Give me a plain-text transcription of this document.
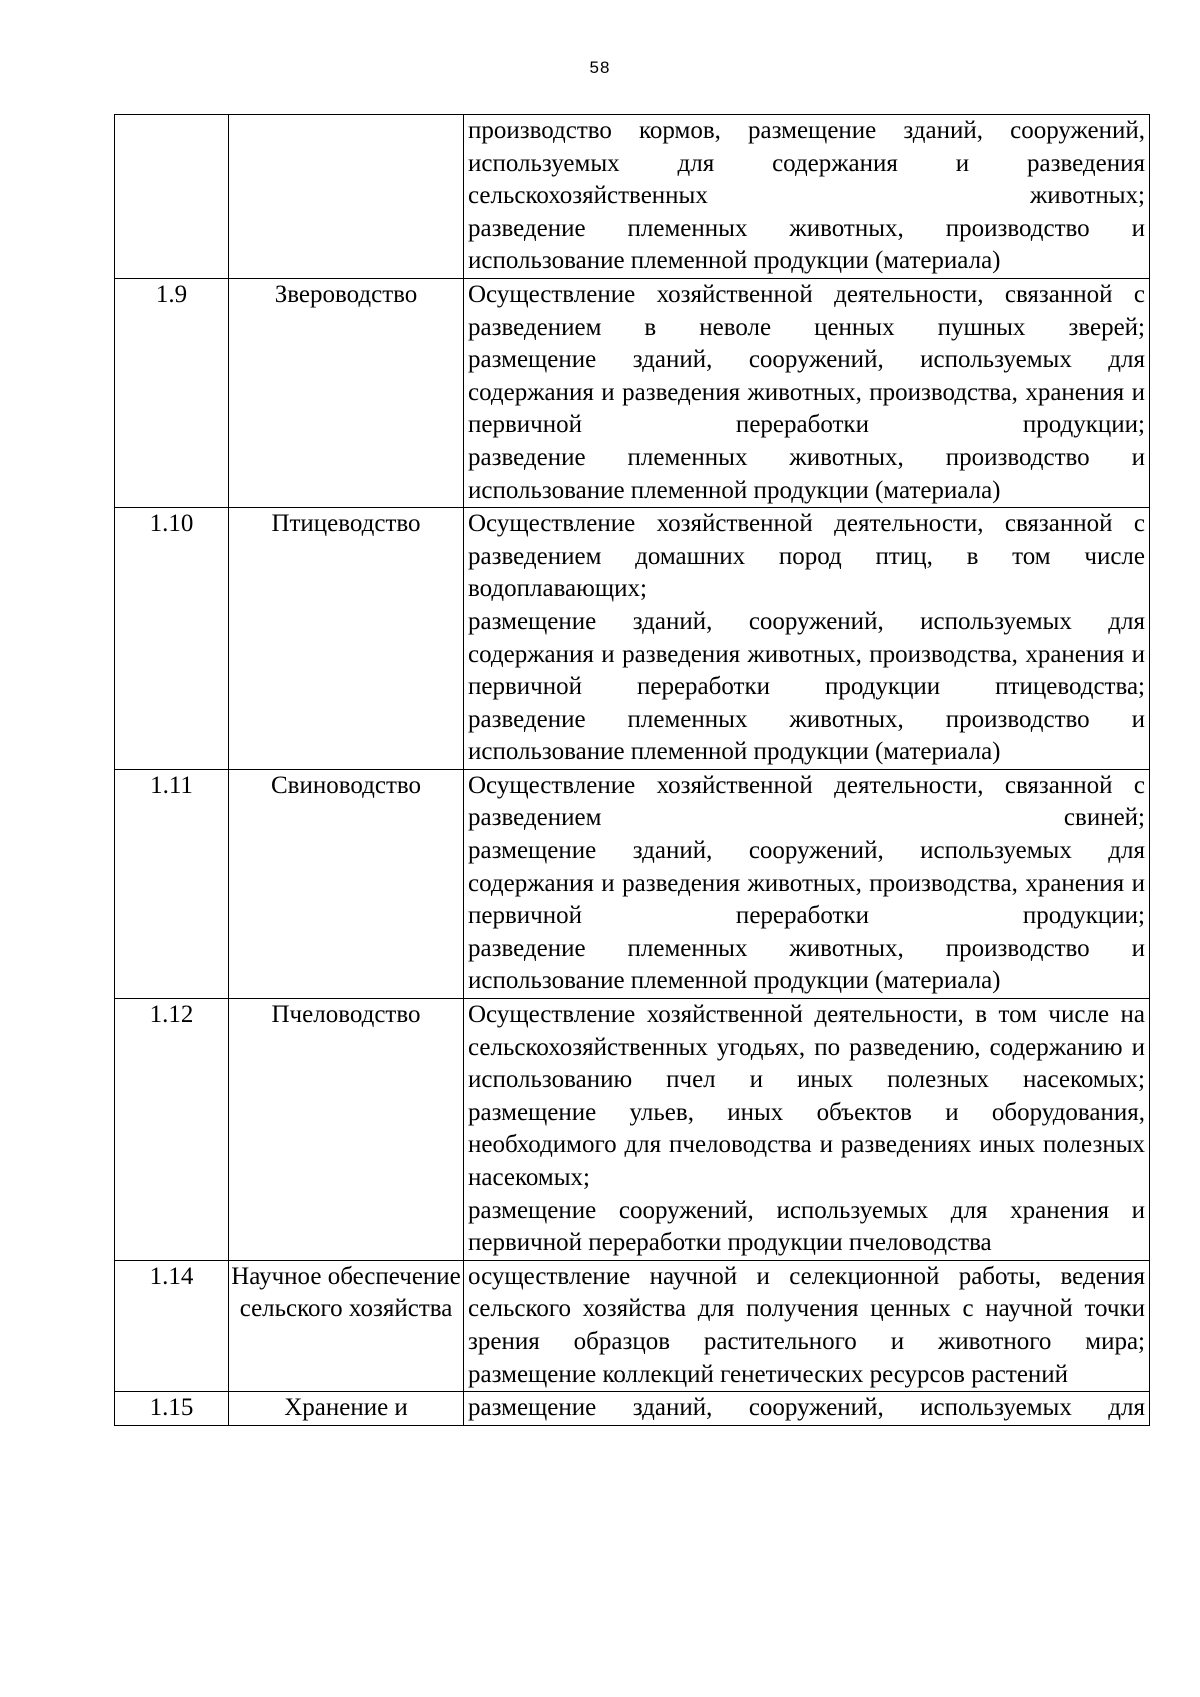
58

		производство кормов, размещение зданий, сооружений, используемых для содержания и разведения сельскохозяйственных животных;

разведение племенных животных, производство и использование племенной продукции (материала)

1.9	Звероводство	Осуществление хозяйственной деятельности, связанной с разведением в неволе ценных пушных зверей;

размещение зданий, сооружений, используемых для содержания и разведения животных, производства, хранения и первичной переработки продукции;

разведение племенных животных, производство и использование племенной продукции (материала)

1.10	Птицеводство	Осуществление хозяйственной деятельности, связанной с разведением домашних пород птиц, в том числе водоплавающих;

размещение зданий, сооружений, используемых для содержания и разведения животных, производства, хранения и первичной переработки продукции птицеводства;

разведение племенных животных, производство и использование племенной продукции (материала)

1.11	Свиноводство	Осуществление хозяйственной деятельности, связанной с разведением свиней;

размещение зданий, сооружений, используемых для содержания и разведения животных, производства, хранения и первичной переработки продукции;

разведение племенных животных, производство и использование племенной продукции (материала)

1.12	Пчеловодство	Осуществление хозяйственной деятельности, в том числе на сельскохозяйственных угодьях, по разведению, содержанию и использованию пчел и иных полезных насекомых;

размещение ульев, иных объектов и оборудования, необходимого для пчеловодства и разведениях иных полезных насекомых;

размещение сооружений, используемых для хранения и первичной переработки продукции пчеловодства

1.14	Научное обеспечение сельского хозяйства	осуществление научной и селекционной работы, ведения сельского хозяйства для получения ценных с научной точки зрения образцов растительного и животного мира;

размещение коллекций генетических ресурсов растений

1.15	Хранение и	размещение зданий, сооружений, используемых для
